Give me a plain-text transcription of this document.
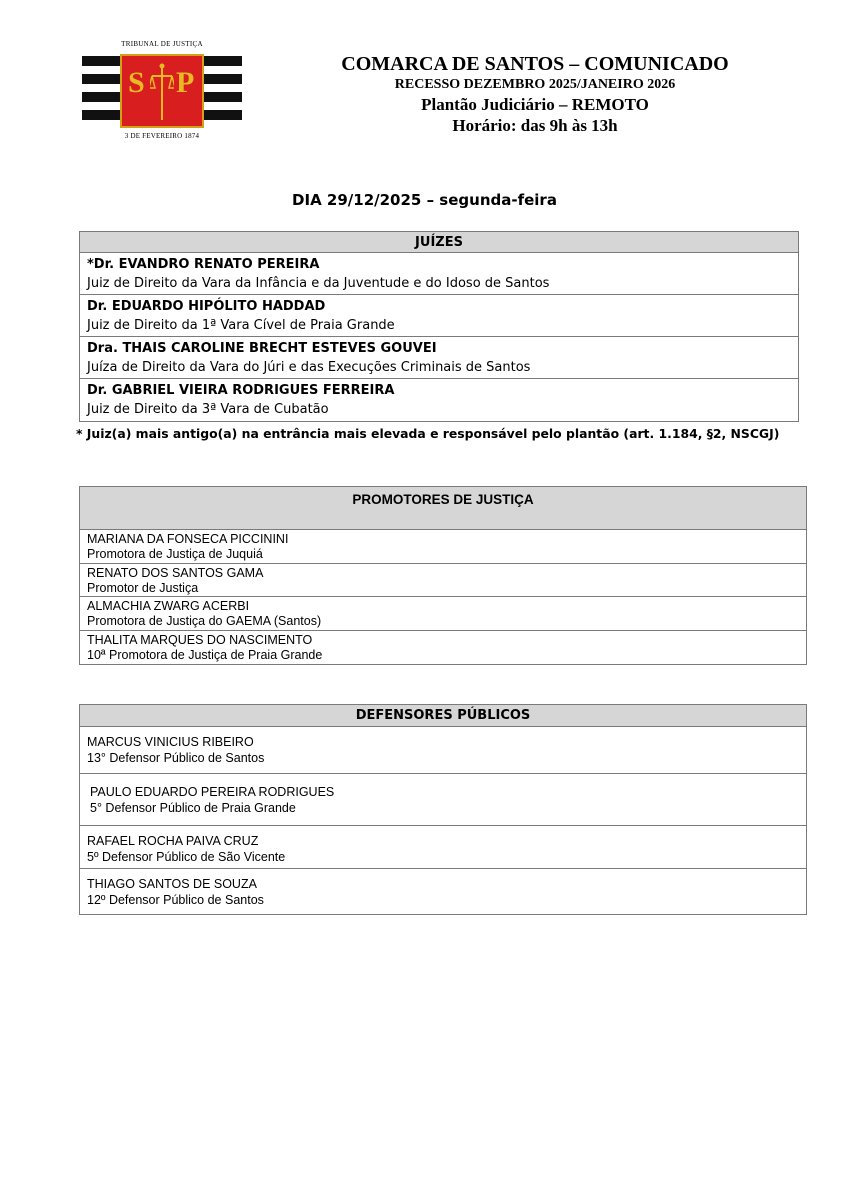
TRIBUNAL DE JUSTIÇA
S P
3 DE FEVEREIRO 1874
COMARCA DE SANTOS – COMUNICADO
RECESSO DEZEMBRO 2025/JANEIRO 2026
Plantão Judiciário – REMOTO
Horário: das 9h às 13h
DIA 29/12/2025 – segunda-feira
JUÍZES
*Dr. EVANDRO RENATO PEREIRA
Juiz de Direito da Vara da Infância e da Juventude e do Idoso de Santos
Dr. EDUARDO HIPÓLITO HADDAD
Juiz de Direito da 1ª Vara Cível de Praia Grande
Dra. THAIS CAROLINE BRECHT ESTEVES GOUVEI
Juíza de Direito da Vara do Júri e das Execuções Criminais de Santos
Dr. GABRIEL VIEIRA RODRIGUES FERREIRA
Juiz de Direito da 3ª Vara de Cubatão
* Juiz(a) mais antigo(a) na entrância mais elevada e responsável pelo plantão (art. 1.184, §2, NSCGJ)
PROMOTORES DE JUSTIÇA
MARIANA DA FONSECA PICCININI
Promotora de Justiça de Juquiá
RENATO DOS SANTOS GAMA
Promotor de Justiça
ALMACHIA ZWARG ACERBI
Promotora de Justiça do GAEMA (Santos)
THALITA MARQUES DO NASCIMENTO
10ª Promotora de Justiça de Praia Grande
DEFENSORES PÚBLICOS
MARCUS VINICIUS RIBEIRO
13° Defensor Público de Santos
PAULO EDUARDO PEREIRA RODRIGUES
5° Defensor Público de Praia Grande
RAFAEL ROCHA PAIVA CRUZ
5º Defensor Público de São Vicente
THIAGO SANTOS DE SOUZA
12º Defensor Público de Santos
